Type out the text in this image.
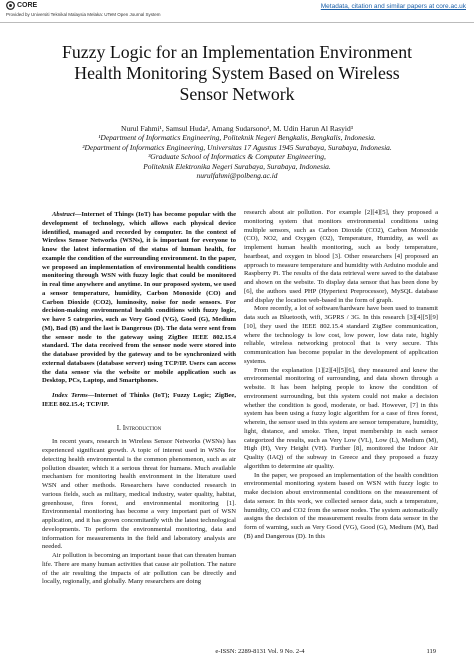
CORE
Provided by Universiti Teknikal Malaysia Melaka: UTeM Open Journal System
Metadata, citation and similar papers at core.ac.uk
Fuzzy Logic for an Implementation Environment
Health Monitoring System Based on Wireless
Sensor Network
Nurul Fahmi¹, Samsul Huda², Amang Sudarsono³, M. Udin Harun Al Rasyid³
¹Department of Informatics Engineering, Politeknik Negeri Bengkalis, Bengkalis, Indonesia.
²Department of Informatics Engineering, Universitas 17 Agustus 1945 Surabaya, Surabaya, Indonesia.
³Graduate School of Informatics & Computer Engineering,
Politeknik Elektronika Negeri Surabaya, Surabaya, Indonesia.
nurulfahmi@polbeng.ac.id

Abstract—Internet of Things (IoT) has become popular with the development of technology, which allows each physical device identified, managed and recorded by computer. In the context of Wireless Sensor Networks (WSNs), it is important for everyone to know the latest information of the status of human health, for example the condition of the surrounding environment. In the paper, we proposed an implementation of environmental health conditions monitoring through WSN with fuzzy logic that could be monitored in real time anywhere and anytime. In our proposed system, we used a sensor temperature, humidity, Carbon Monoxide (CO) and Carbon Dioxide (CO2), luminosity, noise for node sensors. For decision-making environmental health conditions with fuzzy logic, we have 5 categories, such as Very Good (VG), Good (G), Medium (M), Bad (B) and the last is Dangerous (D). The data were sent from the sensor node to the gateway using ZigBee IEEE 802.15.4 standard. The data received from the sensor node were stored into the database provided by the gateway and to be synchronized with external databases (database server) using TCP/IP. Users can access the data sensor via the website or mobile application such as Desktop, PCs, Laptop, and Smartphones.

Index Terms—Internet of Thinks (IoT); Fuzzy Logic; ZigBee, IEEE 802.15.4; TCP/IP.

I. Introduction

In recent years, research in Wireless Sensor Networks (WSNs) has experienced significant growth. A topic of interest used in WSNs for detecting health environmental is the common phenomenon, such as air pollution disaster, which it a serious threat for humans. Much available mechanism for monitoring health environment in the literature used WSN and other methods. Researchers have conducted research in various fields, such as military, medical industry, water quality, habitat, greenhouse, fires forest, and environmental monitoring [1]. Environmental monitoring has become a very important part of WSN application, and it has grown concomitantly with the latest technological developments. To perform the environmental monitoring, data and information for measurements in the field and laboratory analysis are needed.

Air pollution is becoming an important issue that can threaten human life. There are many human activities that cause air pollution. The nature of the air resulting the impacts of air pollution can be directly and locally, regionally, and globally. Many researchers are doing

research about air pollution. For example [2][4][5], they proposed a monitoring system that monitors environmental conditions using multiple sensors, such as Carbon Dioxide (CO2), Carbon Monoxide (CO), NO2, and Oxygen (O2), Temperature, Humidity, as well as implement human health monitoring, such as body temperature, heartbeat, and oxygen in blood [3]. Other researchers [4] proposed an approach to measure temperature and humidity with Arduino module and Raspberry Pi. The results of the data retrieval were saved to the database and shown on the website. To display data sensor that has been done by [6], the authors used PHP (Hypertext Preprocessor), MySQL database and display the location web-based in the form of graph.

More recently, a lot of software/hardware have been used to transmit data such as Bluetooth, wifi, 3GPRS / 3G. In this research [3][4][5][9][10], they used the IEEE 802.15.4 standard ZigBee communication, where the technology is low cost, low power, low data rate, highly reliable, wireless networking protocol that is very secure. This communication has become popular in the development of application systems.

From the explanation [1][2][4][5][6], they measured and knew the environmental monitoring of surrounding, and data shown through a website. It has been helping people to know the condition of environment surrounding, but this system could not make a decision whether the condition is good, moderate, or bad. However, [7] in this system has been using a fuzzy logic algorithm for a case of fires forest, wherein, the sensor used in this system are sensor temperature, humidity, light, distance, and smoke. Then, input membership in each sensor categorized the results, such as Very Low (VL), Low (L), Medium (M), High (H), Very Height (VH). Further [8], monitored the Indoor Air Quality (IAQ) of the subway in Greece and they proposed a fuzzy algorithm to determine air quality.

In the paper, we proposed an implementation of the health condition environmental monitoring system based on WSN with fuzzy logic to make decision about environmental conditions on the measurement of data sensor. In this work, we collected sensor data, such a temperature, humidity, CO and CO2 from the sensor nodes. The system automatically assigns the decision of the measurement results from data sensor in the form of warning, such as Very Good (VG), Good (G), Medium (M), Bad (B) and Dangerous (D). In this

e-ISSN: 2289-8131 Vol. 9 No. 2-4	119
